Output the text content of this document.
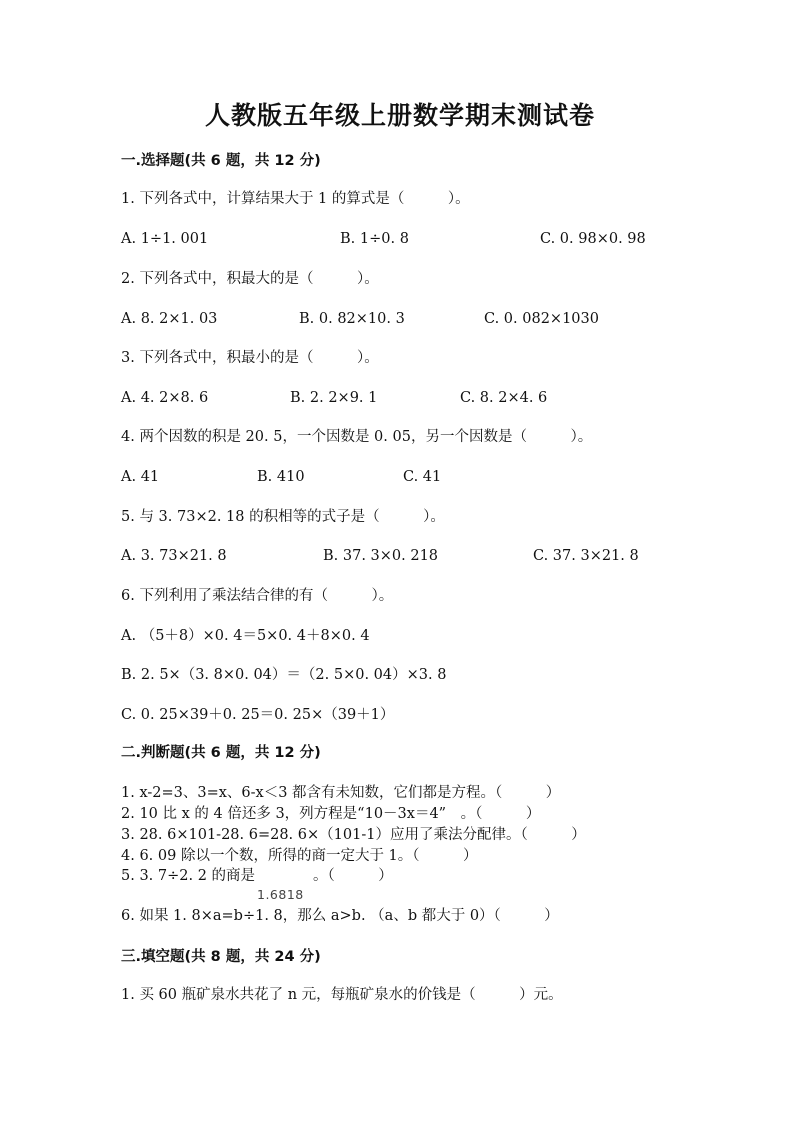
人教版五年级上册数学期末测试卷
一.选择题(共 6 题，共 12 分)
1. 下列各式中，计算结果大于 1 的算式是（　　　）。
A. 1÷1. 001	B. 1÷0. 8	C. 0. 98×0. 98
2. 下列各式中，积最大的是（　　　）。
A. 8. 2×1. 03	B. 0. 82×10. 3	C. 0. 082×1030
3. 下列各式中，积最小的是（　　　）。
A. 4. 2×8. 6	B. 2. 2×9. 1	C. 8. 2×4. 6
4. 两个因数的积是 20. 5，一个因数是 0. 05，另一个因数是（　　　）。
A. 41	B. 410	C. 41
5. 与 3. 73×2. 18 的积相等的式子是（　　　）。
A. 3. 73×21. 8	B. 37. 3×0. 218	C. 37. 3×21. 8
6. 下列利用了乘法结合律的有（　　　）。
A. （5＋8）×0. 4＝5×0. 4＋8×0. 4
B. 2. 5×（3. 8×0. 04）＝（2. 5×0. 04）×3. 8
C. 0. 25×39＋0. 25＝0. 25×（39＋1）
二.判断题(共 6 题，共 12 分)
1. x-2=3、3=x、6-x＜3 都含有未知数，它们都是方程。（　　　）
2. 10 比 x 的 4 倍还多 3，列方程是“10－3x＝4”　。（　　　）
3. 28. 6×101-28. 6=28. 6×（101-1）应用了乘法分配律。（　　　）
4. 6. 09 除以一个数，所得的商一定大于 1。（　　　）
5. 3. 7÷2. 2 的商是　　　　。（　　　）
1.6818
6. 如果 1. 8×a=b÷1. 8，那么 a>b. （a、b 都大于 0）（　　　）
三.填空题(共 8 题，共 24 分)
1. 买 60 瓶矿泉水共花了 n 元，每瓶矿泉水的价钱是（　　　）元。
